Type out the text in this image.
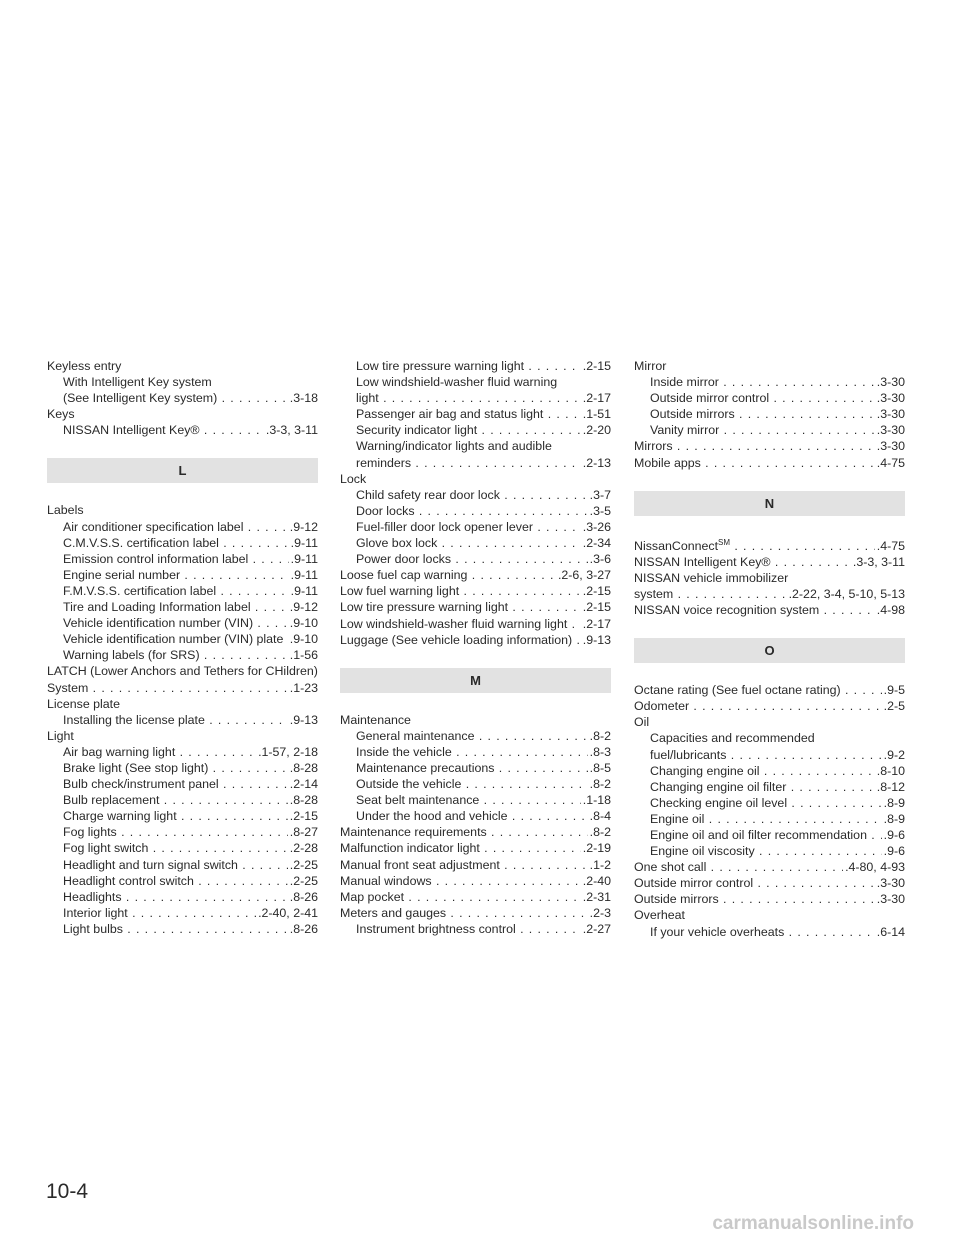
Keyless entry
With Intelligent Key system
(See Intelligent Key system) . . .	.3-18
Keys
NISSAN Intelligent Key® . . .	.3-3, 3-11
L
Labels
Air conditioner specification label . . .	.9-12
C.M.V.S.S. certification label . . .	.9-11
Emission control information label . . .	.9-11
Engine serial number . . .	.9-11
F.M.V.S.S. certification label . . .	.9-11
Tire and Loading Information label . . .	.9-12
Vehicle identification number (VIN) . . .	.9-10
Vehicle identification number (VIN) plate . . . .9-10
Warning labels (for SRS) . . .	.1-56
LATCH (Lower Anchors and Tethers for CHildren)
System . . .	.1-23
License plate
Installing the license plate . . .	.9-13
Light
Air bag warning light . . .	.1-57, 2-18
Brake light (See stop light) . . .	.8-28
Bulb check/instrument panel . . .	.2-14
Bulb replacement . . .	.8-28
Charge warning light . . .	.2-15
Fog lights . . .	.8-27
Fog light switch . . .	.2-28
Headlight and turn signal switch . . .	.2-25
Headlight control switch . . .	.2-25
Headlights . . .	.8-26
Interior light . . .	.2-40, 2-41
Light bulbs . . .	.8-26
Low tire pressure warning light . . .	.2-15
Low windshield-washer fluid warning
light . . .	.2-17
Passenger air bag and status light . . .	.1-51
Security indicator light . . .	.2-20
Warning/indicator lights and audible
reminders . . .	.2-13
Lock
Child safety rear door lock . . .	.3-7
Door locks . . .	.3-5
Fuel-filler door lock opener lever . . .	.3-26
Glove box lock . . .	.2-34
Power door locks . . .	.3-6
Loose fuel cap warning . . .	.2-6, 3-27
Low fuel warning light . . .	.2-15
Low tire pressure warning light . . .	.2-15
Low windshield-washer fluid warning light . . .	.2-17
Luggage (See vehicle loading information) . . . .9-13
M
Maintenance
General maintenance . . .	.8-2
Inside the vehicle . . .	.8-3
Maintenance precautions . . .	.8-5
Outside the vehicle . . .	.8-2
Seat belt maintenance . . .	.1-18
Under the hood and vehicle . . .	.8-4
Maintenance requirements . . .	.8-2
Malfunction indicator light . . .	.2-19
Manual front seat adjustment . . .	.1-2
Manual windows . . .	.2-40
Map pocket . . .	.2-31
Meters and gauges . . .	.2-3
Instrument brightness control . . .	.2-27
Mirror
Inside mirror . . .	.3-30
Outside mirror control . . .	.3-30
Outside mirrors . . .	.3-30
Vanity mirror . . .	.3-30
Mirrors . . .	.3-30
Mobile apps . . .	.4-75
N
NissanConnect℠ . . .	.4-75
NISSAN Intelligent Key® . . .	.3-3, 3-11
NISSAN vehicle immobilizer
system . . .	.2-22, 3-4, 5-10, 5-13
NISSAN voice recognition system . . .	.4-98
O
Octane rating (See fuel octane rating) . . .	.9-5
Odometer . . .	.2-5
Oil
Capacities and recommended
fuel/lubricants . . .	.9-2
Changing engine oil . . .	.8-10
Changing engine oil filter . . .	.8-12
Checking engine oil level . . .	.8-9
Engine oil . . .	.8-9
Engine oil and oil filter recommendation . . .	.9-6
Engine oil viscosity . . .	.9-6
One shot call . . .	.4-80, 4-93
Outside mirror control . . .	.3-30
Outside mirrors . . .	.3-30
Overheat
If your vehicle overheats . . .	.6-14
10-4
carmanualsonline.info
